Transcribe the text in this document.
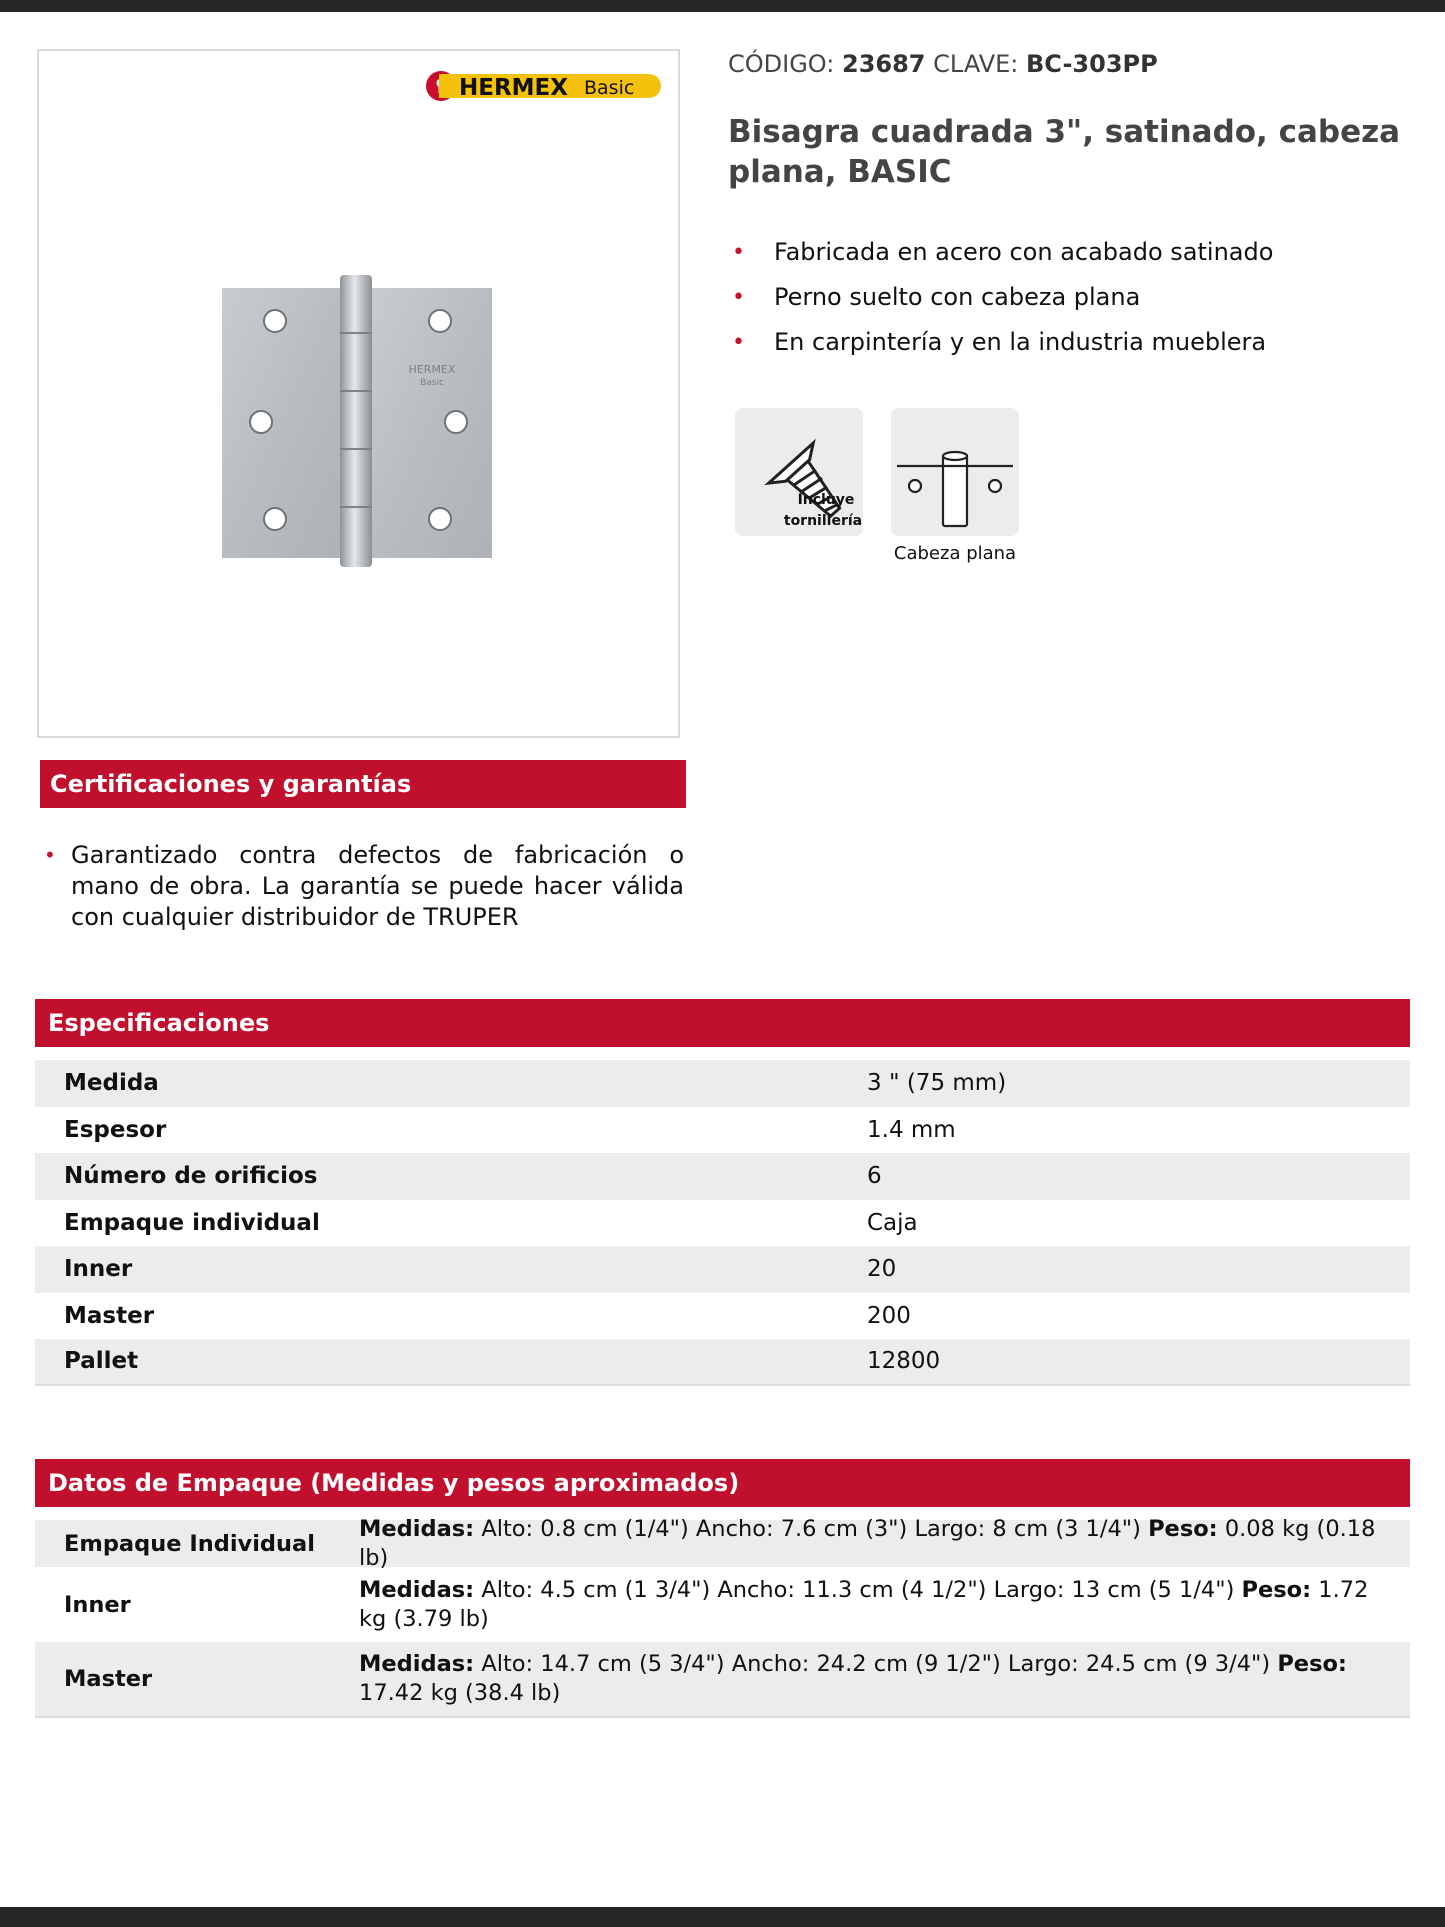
HERMEX Basic
HERMEX
Basic
CÓDIGO: 23687 CLAVE: BC-303PP
Bisagra cuadrada 3", satinado, cabeza plana, BASIC
• Fabricada en acero con acabado satinado
• Perno suelto con cabeza plana
• En carpintería y en la industria mueblera
Incluye
tornillería
Cabeza plana
Certificaciones y garantías
• Garantizado contra defectos de fabricación o mano de obra. La garantía se puede hacer válida con cualquier distribuidor de TRUPER
Especificaciones
Medida	3 " (75 mm)
Espesor	1.4 mm
Número de orificios	6
Empaque individual	Caja
Inner	20
Master	200
Pallet	12800
Datos de Empaque (Medidas y pesos aproximados)
Empaque Individual
Medidas: Alto: 0.8 cm (1/4") Ancho: 7.6 cm (3") Largo: 8 cm (3 1/4") Peso: 0.08 kg (0.18 lb)
Inner
Medidas: Alto: 4.5 cm (1 3/4") Ancho: 11.3 cm (4 1/2") Largo: 13 cm (5 1/4") Peso: 1.72 kg (3.79 lb)
Master
Medidas: Alto: 14.7 cm (5 3/4") Ancho: 24.2 cm (9 1/2") Largo: 24.5 cm (9 3/4") Peso: 17.42 kg (38.4 lb)
